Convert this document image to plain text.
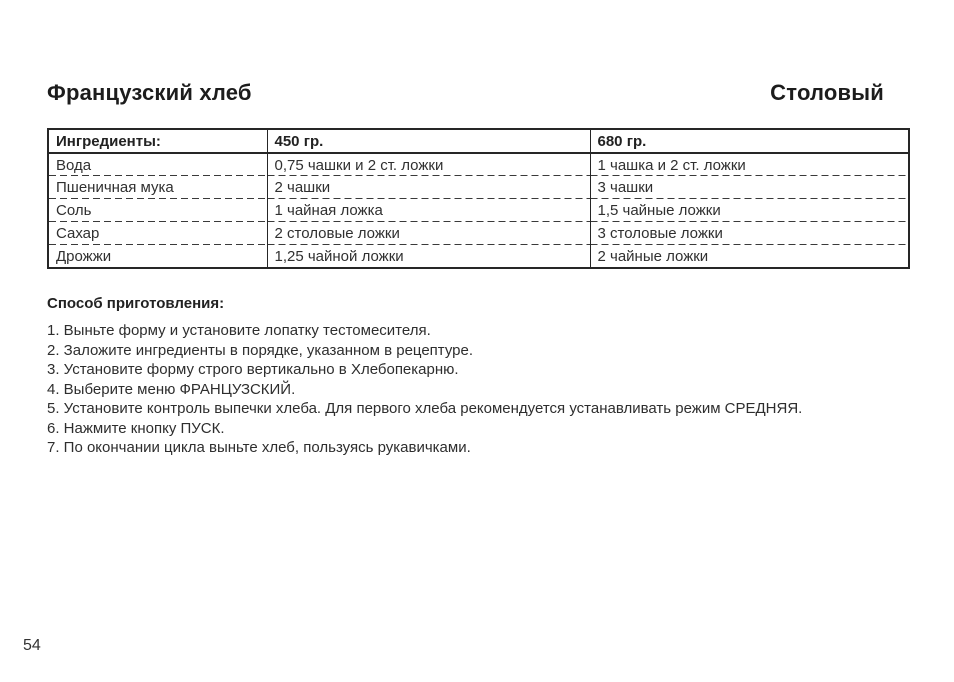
Французский хлеб	Столовый
Ингредиенты:	450 гр.	680 гр.
Вода	0,75 чашки и 2 ст. ложки	1 чашка и 2 ст. ложки
Пшеничная мука	2 чашки	3 чашки
Соль	1 чайная ложка	1,5 чайные ложки
Сахар	2 столовые ложки	3 столовые ложки
Дрожжи	1,25 чайной ложки	2 чайные ложки
Способ приготовления:

1. Выньте форму и установите лопатку тестомесителя.

2. Заложите ингредиенты в порядке, указанном в рецептуре.

3. Установите форму строго вертикально в Хлебопекарню.

4. Выберите меню ФРАНЦУЗСКИЙ.

5. Установите контроль выпечки хлеба. Для первого хлеба рекомендуется устанавливать режим СРЕДНЯЯ.

6. Нажмите кнопку ПУСК.

7. По окончании цикла выньте хлеб, пользуясь рукавичками.

54
